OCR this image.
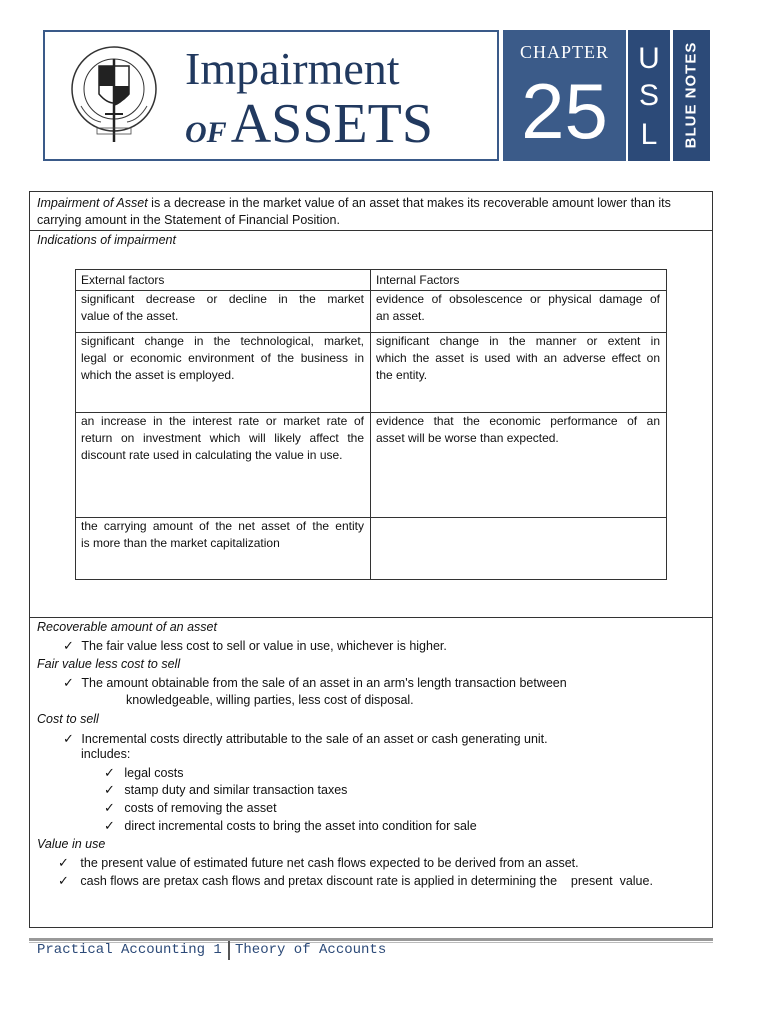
Impairment
OF ASSETS
CHAPTER
25
U
S
L	BLUE NOTES
Impairment of Asset is a decrease in the market value of an asset that makes its recoverable amount lower than its
carrying amount in the Statement of Financial Position.
Indications of impairment
External factors	Internal Factors
significant decrease or decline in the market
value of the asset.
evidence of obsolescence or physical damage of
an asset.
significant change in the technological, market,
legal or economic environment of the business in
which the asset is employed.
significant change in the manner or extent in
which the asset is used with an adverse effect on
the entity.
an increase in the interest rate or market rate of
return on investment which will likely affect the
discount rate used in calculating the value in use.
evidence that the economic performance of an
asset will be worse than expected.
the carrying amount of the net asset of the entity
is more than the market capitalization
Recoverable amount of an asset
✓ The fair value less cost to sell or value in use, whichever is higher.
Fair value less cost to sell
✓ The amount obtainable from the sale of an asset in an arm's length transaction between
knowledgeable, willing parties, less cost of disposal.
Cost to sell
✓ Incremental costs directly attributable to the sale of an asset or cash generating unit.
includes:
✓ legal costs
✓ stamp duty and similar transaction taxes
✓ costs of removing the asset
✓ direct incremental costs to bring the asset into condition for sale
Value in use
✓ the present value of estimated future net cash flows expected to be derived from an asset.
✓ cash flows are pretax cash flows and pretax discount rate is applied in determining the    present  value.
Practical Accounting 1 Theory of Accounts
